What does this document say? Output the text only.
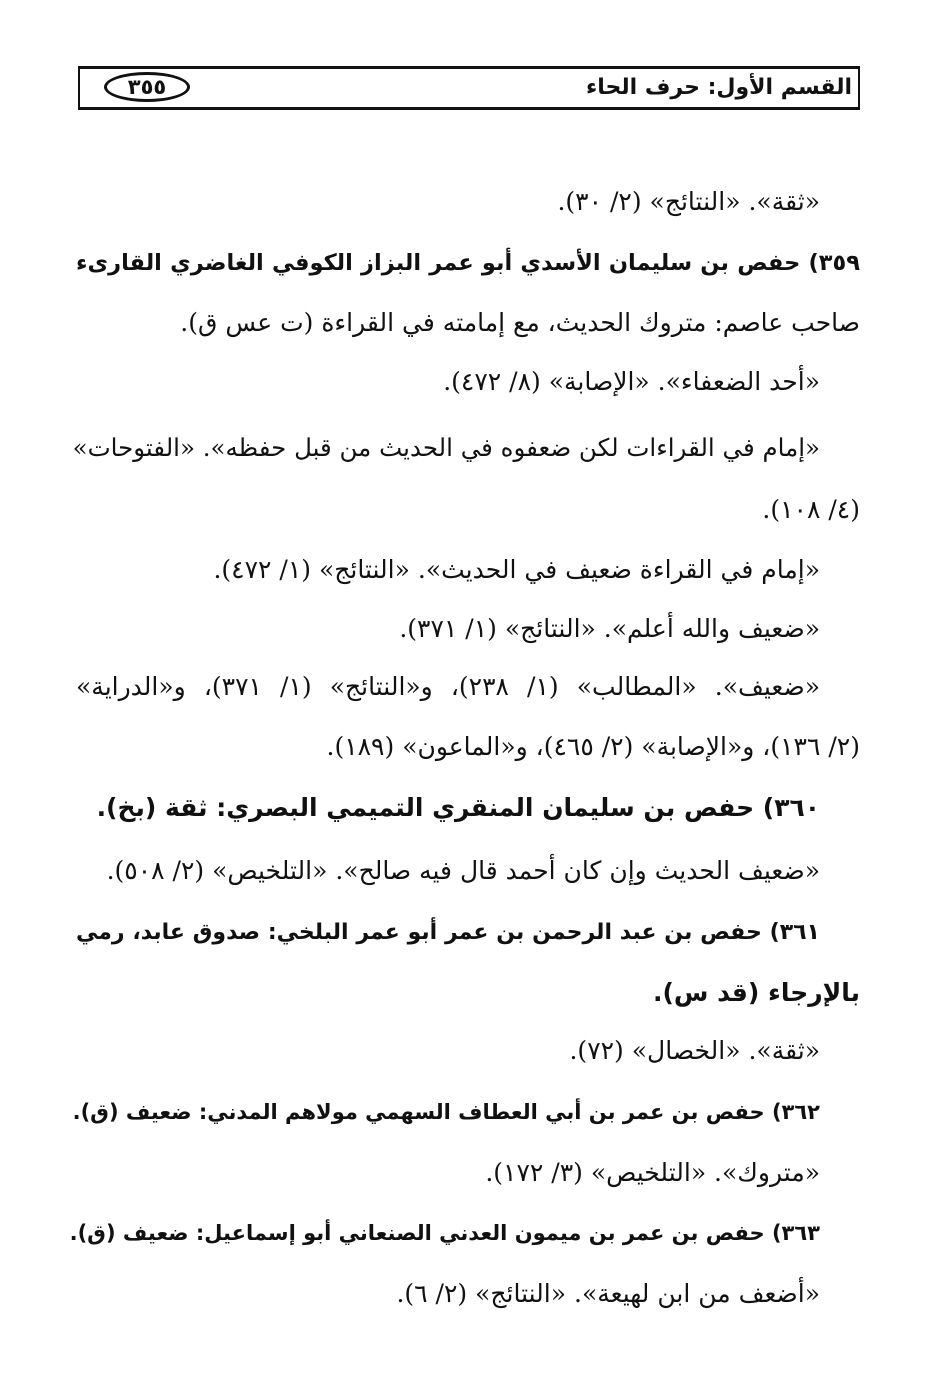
القسم الأول: حرف الحاء
٣٥٥
«ثقة». «النتائج» (٢/ ٣٠).
٣٥٩) حفص بن سليمان الأسدي أبو عمر البزاز الكوفي الغاضري القارىء
صاحب عاصم: متروك الحديث، مع إمامته في القراءة (ت عس ق).
«أحد الضعفاء». «الإصابة» (٨/ ٤٧٢).
«إمام في القراءات لكن ضعفوه في الحديث من قبل حفظه». «الفتوحات»
(٤/ ١٠٨).
«إمام في القراءة ضعيف في الحديث». «النتائج» (١/ ٤٧٢).
«ضعيف والله أعلم». «النتائج» (١/ ٣٧١).
«ضعيف». «المطالب» (١/ ٢٣٨)، و«النتائج» (١/ ٣٧١)، و«الدراية»
(٢/ ١٣٦)، و«الإصابة» (٢/ ٤٦٥)، و«الماعون» (١٨٩).
٣٦٠) حفص بن سليمان المنقري التميمي البصري: ثقة (بخ).
«ضعيف الحديث وإن كان أحمد قال فيه صالح». «التلخيص» (٢/ ٥٠٨).
٣٦١) حفص بن عبد الرحمن بن عمر أبو عمر البلخي: صدوق عابد، رمي
بالإرجاء (قد س).
«ثقة». «الخصال» (٧٢).
٣٦٢) حفص بن عمر بن أبي العطاف السهمي مولاهم المدني: ضعيف (ق).
«متروك». «التلخيص» (٣/ ١٧٢).
٣٦٣) حفص بن عمر بن ميمون العدني الصنعاني أبو إسماعيل: ضعيف (ق).
«أضعف من ابن لهيعة». «النتائج» (٢/ ٦).
